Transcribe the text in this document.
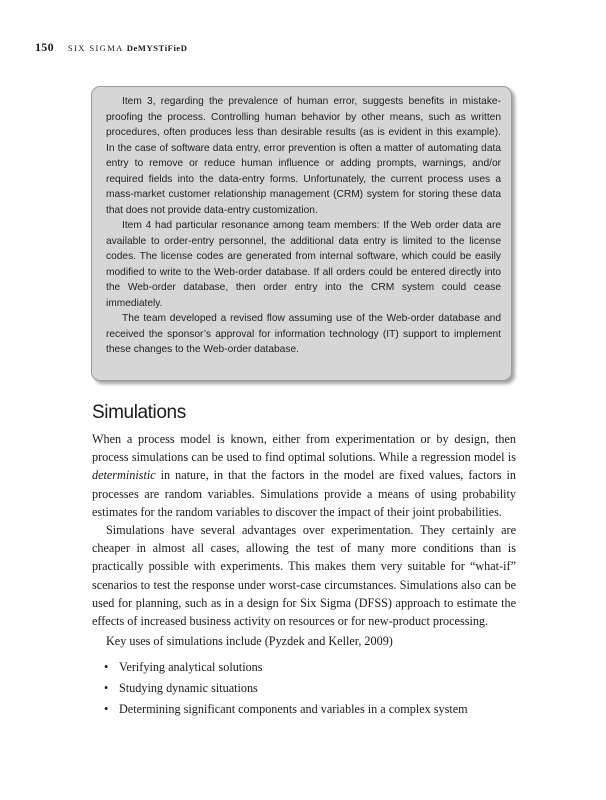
150 SIX SIGMA DeMYSTiFieD

Item 3, regarding the prevalence of human error, suggests benefits in mistake-proofing the process. Controlling human behavior by other means, such as written procedures, often produces less than desirable results (as is evident in this example). In the case of software data entry, error prevention is often a matter of automating data entry to remove or reduce human influence or adding prompts, warnings, and/or required fields into the data-entry forms. Unfortunately, the current process uses a mass-market customer relationship management (CRM) system for storing these data that does not provide data-entry customization.

Item 4 had particular resonance among team members: If the Web order data are available to order-entry personnel, the additional data entry is limited to the license codes. The license codes are generated from internal software, which could be easily modified to write to the Web-order database. If all orders could be entered directly into the Web-order database, then order entry into the CRM system could cease immediately.

The team developed a revised flow assuming use of the Web-order database and received the sponsor’s approval for information technology (IT) support to implement these changes to the Web-order database.

Simulations

When a process model is known, either from experimentation or by design, then process simulations can be used to find optimal solutions. While a regression model is deterministic in nature, in that the factors in the model are fixed values, factors in processes are random variables. Simulations provide a means of using probability estimates for the random variables to discover the impact of their joint probabilities.

Simulations have several advantages over experimentation. They certainly are cheaper in almost all cases, allowing the test of many more conditions than is practically possible with experiments. This makes them very suitable for “what-if” scenarios to test the response under worst-case circumstances. Simulations also can be used for planning, such as in a design for Six Sigma (DFSS) approach to estimate the effects of increased business activity on resources or for new-product processing.

Key uses of simulations include (Pyzdek and Keller, 2009)

• Verifying analytical solutions
• Studying dynamic situations
• Determining significant components and variables in a complex system
